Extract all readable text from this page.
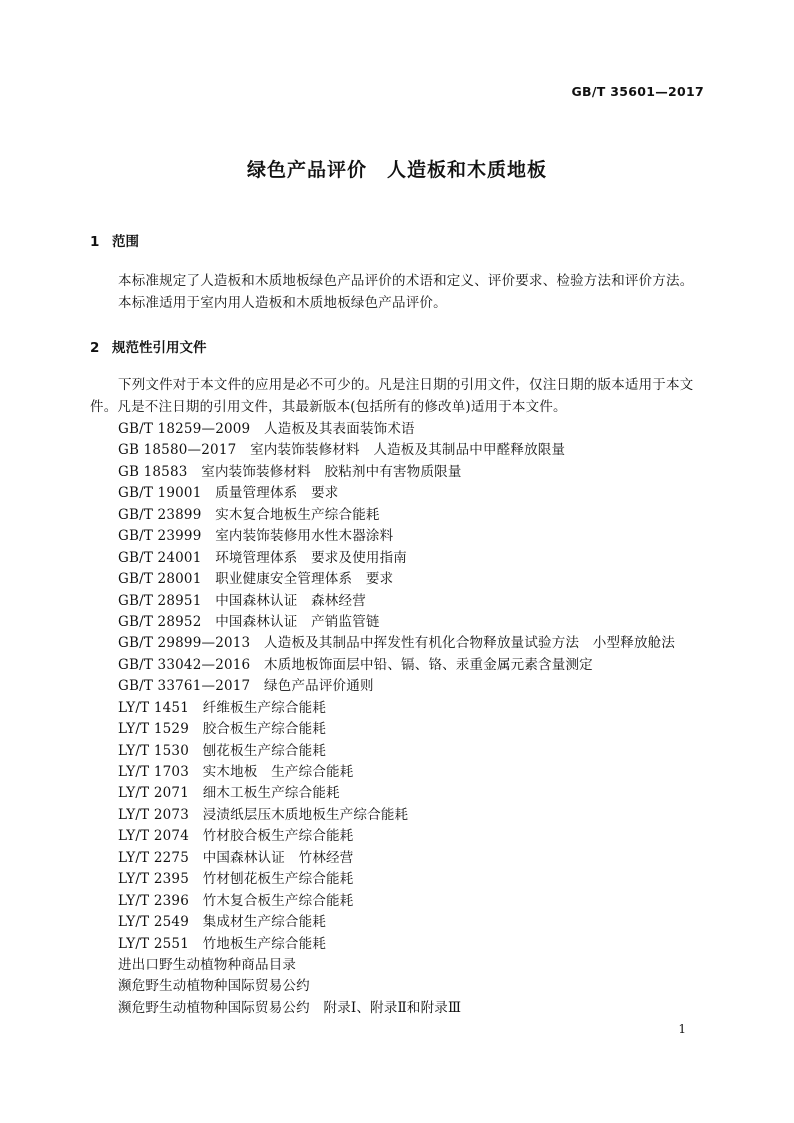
GB/T 35601—2017
绿色产品评价　人造板和木质地板
1 范围
本标准规定了人造板和木质地板绿色产品评价的术语和定义、评价要求、检验方法和评价方法。
本标准适用于室内用人造板和木质地板绿色产品评价。
2 规范性引用文件

下列文件对于本文件的应用是必不可少的。凡是注日期的引用文件，仅注日期的版本适用于本文件。凡是不注日期的引用文件，其最新版本(包括所有的修改单)适用于本文件。

GB/T 18259—2009　人造板及其表面装饰术语
GB 18580—2017　室内装饰装修材料　人造板及其制品中甲醛释放限量
GB 18583　室内装饰装修材料　胶粘剂中有害物质限量
GB/T 19001　质量管理体系　要求
GB/T 23899　实木复合地板生产综合能耗
GB/T 23999　室内装饰装修用水性木器涂料
GB/T 24001　环境管理体系　要求及使用指南
GB/T 28001　职业健康安全管理体系　要求
GB/T 28951　中国森林认证　森林经营
GB/T 28952　中国森林认证　产销监管链
GB/T 29899—2013　人造板及其制品中挥发性有机化合物释放量试验方法　小型释放舱法
GB/T 33042—2016　木质地板饰面层中铅、镉、铬、汞重金属元素含量测定
GB/T 33761—2017　绿色产品评价通则
LY/T 1451　纤维板生产综合能耗
LY/T 1529　胶合板生产综合能耗
LY/T 1530　刨花板生产综合能耗
LY/T 1703　实木地板　生产综合能耗
LY/T 2071　细木工板生产综合能耗
LY/T 2073　浸渍纸层压木质地板生产综合能耗
LY/T 2074　竹材胶合板生产综合能耗
LY/T 2275　中国森林认证　竹林经营
LY/T 2395　竹材刨花板生产综合能耗
LY/T 2396　竹木复合板生产综合能耗
LY/T 2549　集成材生产综合能耗
LY/T 2551　竹地板生产综合能耗
进出口野生动植物种商品目录
濒危野生动植物种国际贸易公约
濒危野生动植物种国际贸易公约　附录Ⅰ、附录Ⅱ和附录Ⅲ
1
